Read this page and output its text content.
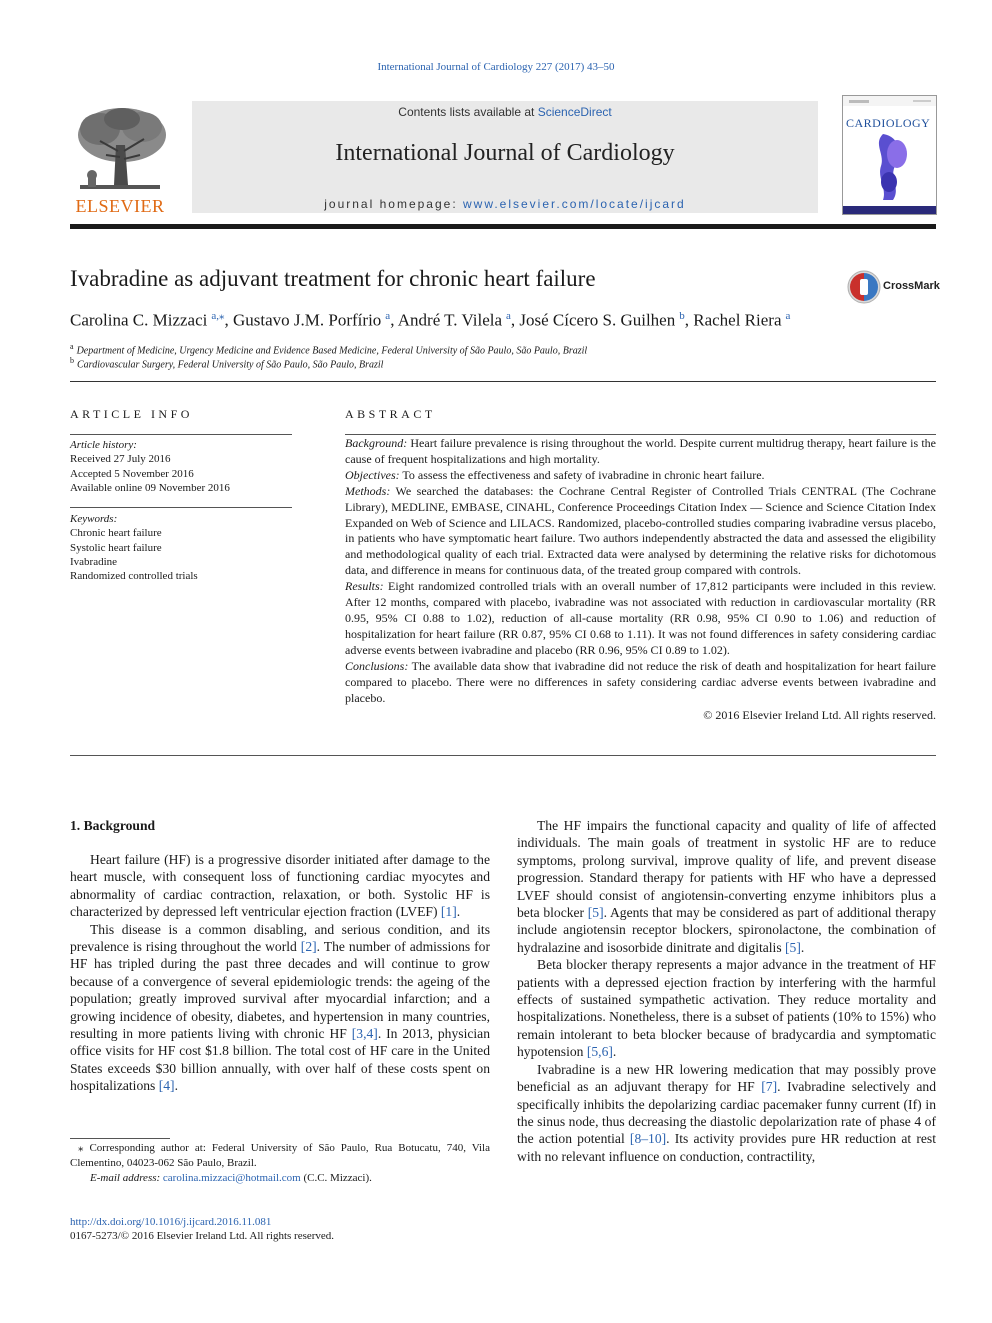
International Journal of Cardiology 227 (2017) 43–50
ELSEVIER
Contents lists available at ScienceDirect
International Journal of Cardiology
journal homepage: www.elsevier.com/locate/ijcard
CARDIOLOGY
Ivabradine as adjuvant treatment for chronic heart failure	CrossMark
Carolina C. Mizzaci $^{a,⁎}$, Gustavo J.M. Porfírio $^a$, André T. Vilela $^a$, José Cícero S. Guilhen $^b$, Rachel Riera $^a$
$^a$ Department of Medicine, Urgency Medicine and Evidence Based Medicine, Federal University of São Paulo, São Paulo, Brazil
$^b$ Cardiovascular Surgery, Federal University of São Paulo, São Paulo, Brazil
ARTICLE INFO
Article history:
Received 27 July 2016
Accepted 5 November 2016
Available online 09 November 2016
Keywords:
Chronic heart failure
Systolic heart failure
Ivabradine
Randomized controlled trials
ABSTRACT

Background: Heart failure prevalence is rising throughout the world. Despite current multidrug therapy, heart failure is the cause of frequent hospitalizations and high mortality.

Objectives: To assess the effectiveness and safety of ivabradine in chronic heart failure.

Methods: We searched the databases: the Cochrane Central Register of Controlled Trials CENTRAL (The Cochrane Library), MEDLINE, EMBASE, CINAHL, Conference Proceedings Citation Index — Science and Science Citation Index Expanded on Web of Science and LILACS. Randomized, placebo-controlled studies comparing ivabradine versus placebo, in patients who have symptomatic heart failure. Two authors independently abstracted the data and assessed the eligibility and methodological quality of each trial. Extracted data were analysed by determining the relative risks for dichotomous data, and difference in means for continuous data, of the treated group compared with controls.

Results: Eight randomized controlled trials with an overall number of 17,812 participants were included in this review. After 12 months, compared with placebo, ivabradine was not associated with reduction in cardiovascular mortality (RR 0.95, 95% CI 0.88 to 1.02), reduction of all-cause mortality (RR 0.98, 95% CI 0.90 to 1.06) and reduction of hospitalization for heart failure (RR 0.87, 95% CI 0.68 to 1.11). It was not found differences in safety considering cardiac adverse events between ivabradine and placebo (RR 0.96, 95% CI 0.89 to 1.02).

Conclusions: The available data show that ivabradine did not reduce the risk of death and hospitalization for heart failure compared to placebo. There were no differences in safety considering cardiac adverse events between ivabradine and placebo.

© 2016 Elsevier Ireland Ltd. All rights reserved.
1. Background

Heart failure (HF) is a progressive disorder initiated after damage to the heart muscle, with consequent loss of functioning cardiac myocytes and abnormality of cardiac contraction, relaxation, or both. Systolic HF is characterized by depressed left ventricular ejection fraction (LVEF) [1].

This disease is a common disabling, and serious condition, and its prevalence is rising throughout the world [2]. The number of admissions for HF has tripled during the past three decades and will continue to grow because of a convergence of several epidemiologic trends: the ageing of the population; greatly improved survival after myocardial infarction; and a growing incidence of obesity, diabetes, and hypertension in many countries, resulting in more patients living with chronic HF [3,4]. In 2013, physician office visits for HF cost $1.8 billion. The total cost of HF care in the United States exceeds $30 billion annually, with over half of these costs spent on hospitalizations [4].

The HF impairs the functional capacity and quality of life of affected individuals. The main goals of treatment in systolic HF are to reduce symptoms, prolong survival, improve quality of life, and prevent disease progression. Standard therapy for patients with HF who have a depressed LVEF should consist of angiotensin-converting enzyme inhibitors plus a beta blocker [5]. Agents that may be considered as part of additional therapy include angiotensin receptor blockers, spironolactone, the combination of hydralazine and isosorbide dinitrate and digitalis [5].

Beta blocker therapy represents a major advance in the treatment of HF patients with a depressed ejection fraction by interfering with the harmful effects of sustained sympathetic activation. They reduce mortality and hospitalizations. Nonetheless, there is a subset of patients (10% to 15%) who remain intolerant to beta blocker because of bradycardia and symptomatic hypotension [5,6].

Ivabradine is a new HR lowering medication that may possibly prove beneficial as an adjuvant therapy for HF [7]. Ivabradine selectively and specifically inhibits the depolarizing cardiac pacemaker funny current (If) in the sinus node, thus decreasing the diastolic depolarization rate of phase 4 of the action potential [8–10]. Its activity provides pure HR reduction at rest with no relevant influence on conduction, contractility,

⁎ Corresponding author at: Federal University of São Paulo, Rua Botucatu, 740, Vila Clementino, 04023-062 São Paulo, Brazil.

E-mail address: carolina.mizzaci@hotmail.com (C.C. Mizzaci).

http://dx.doi.org/10.1016/j.ijcard.2016.11.081
0167-5273/© 2016 Elsevier Ireland Ltd. All rights reserved.
